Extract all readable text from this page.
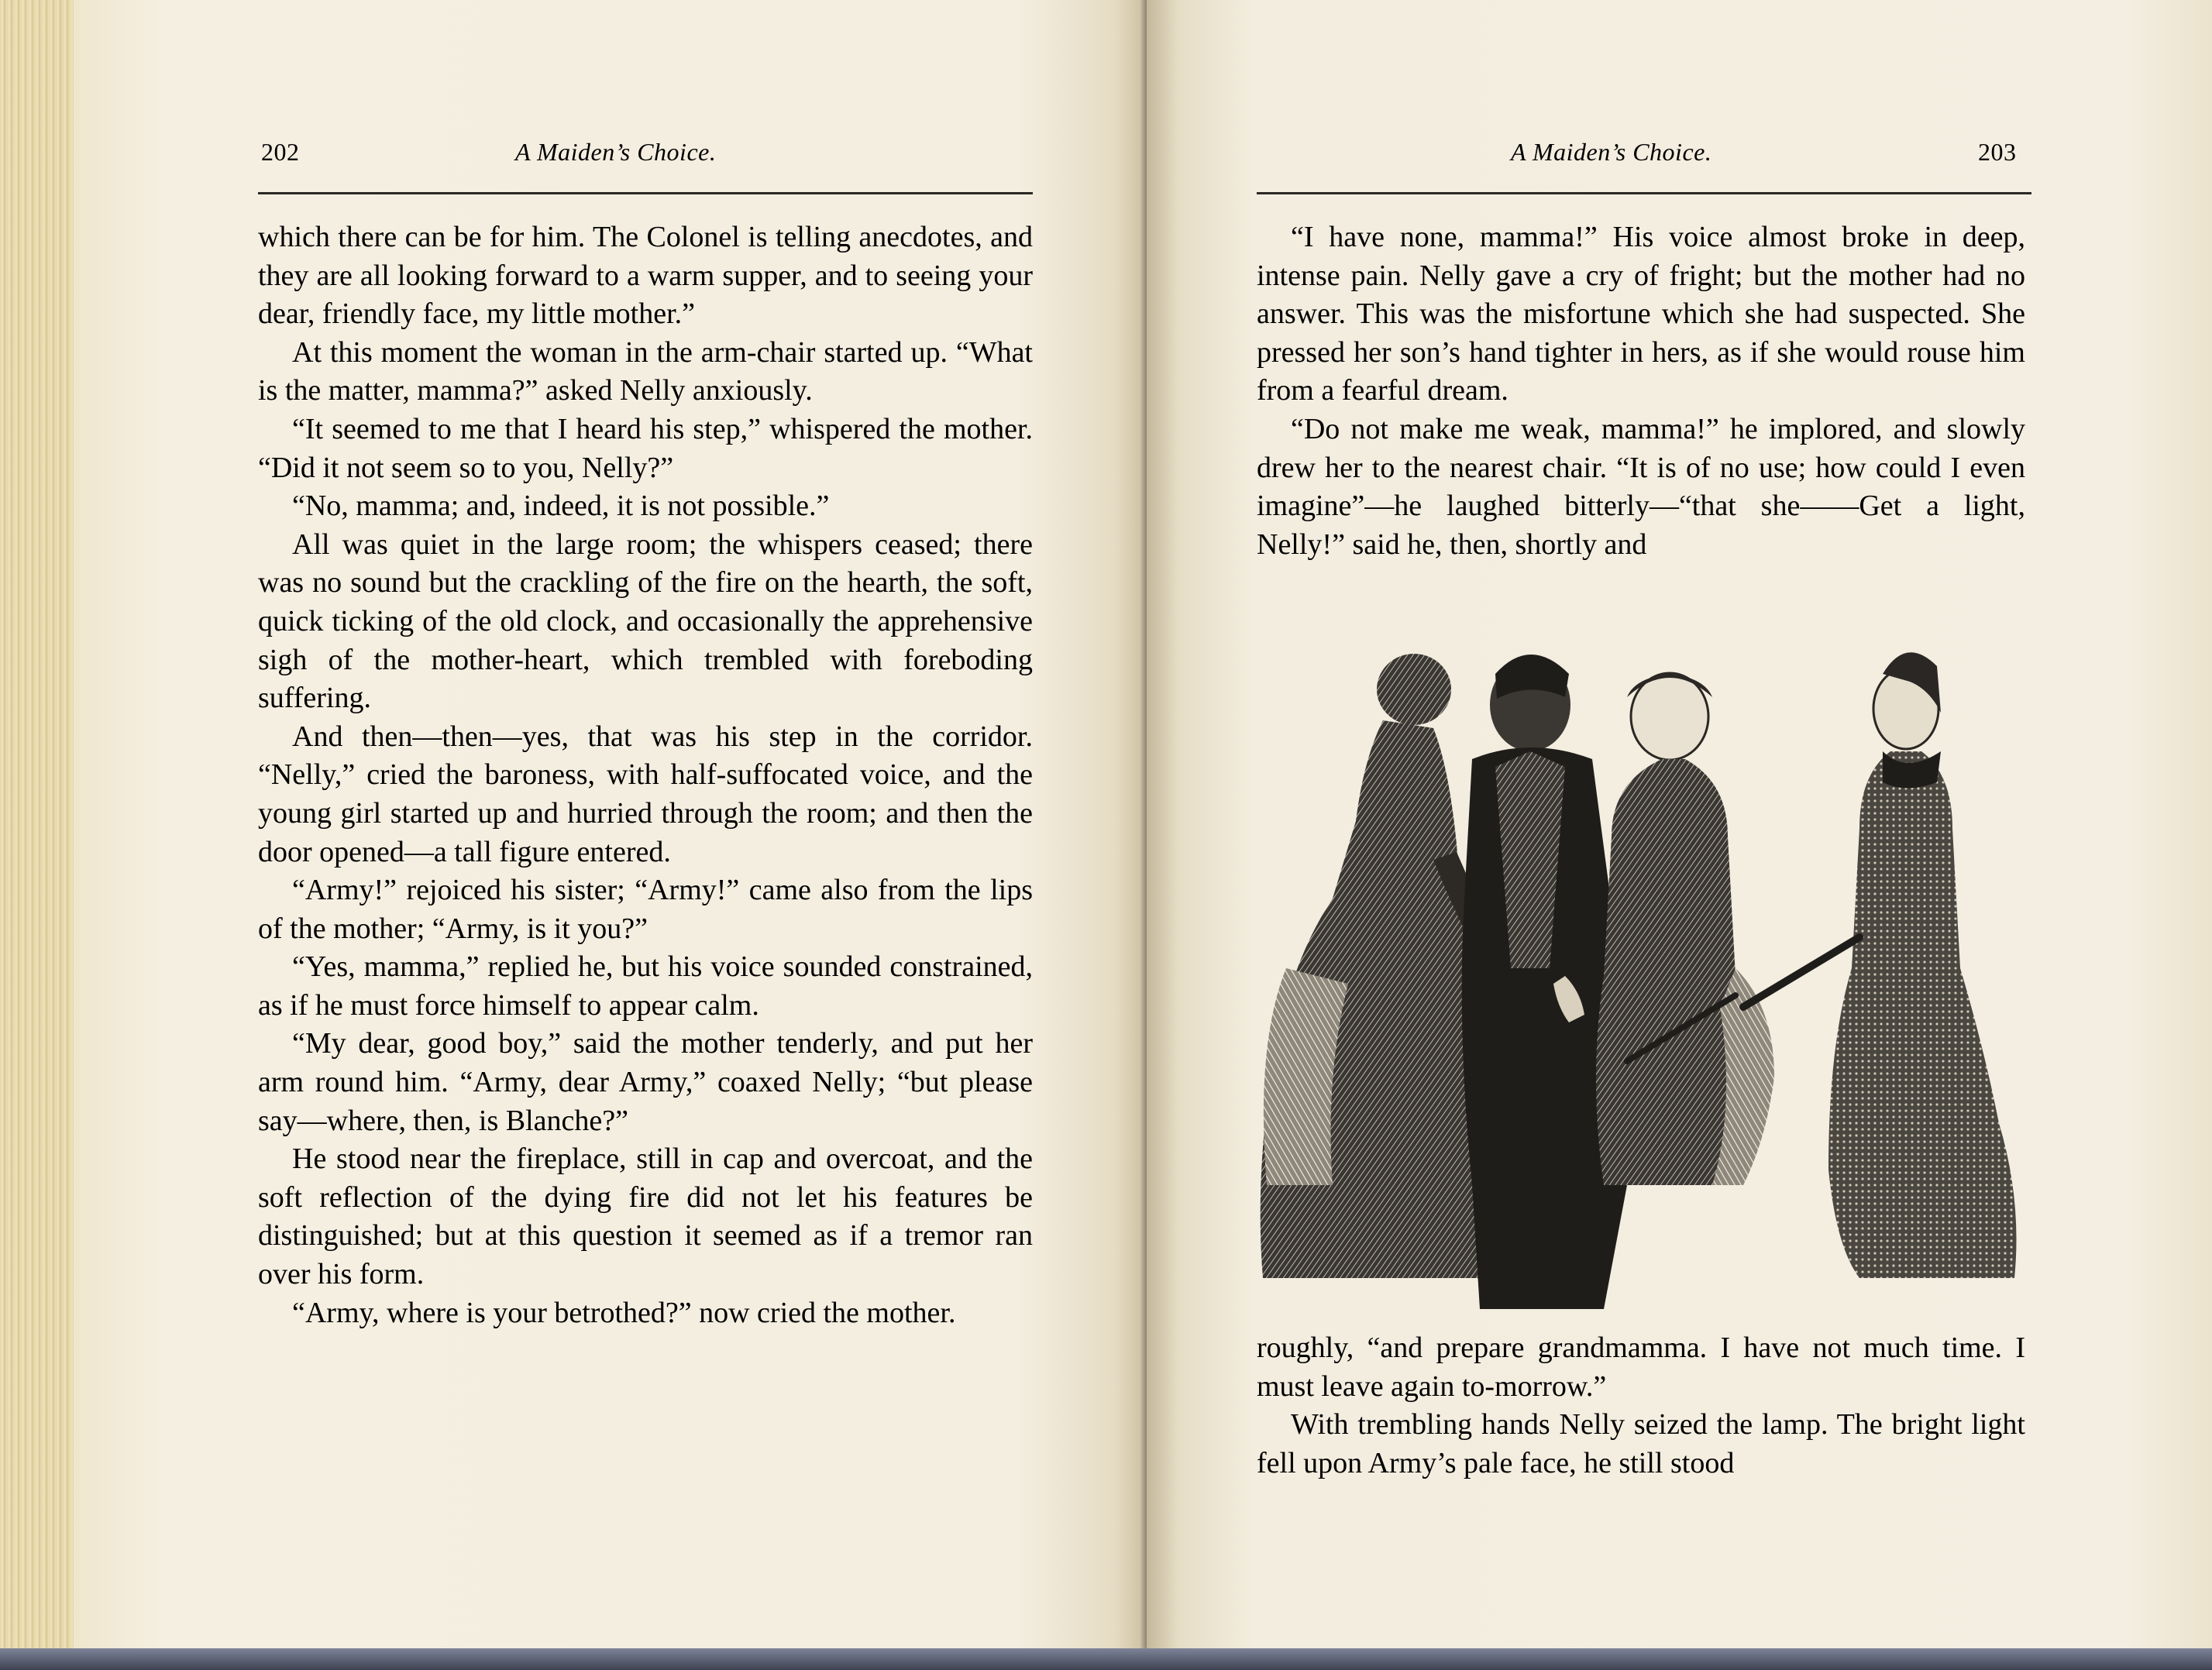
202	A Maiden’s Choice.

which there can be for him. The Colonel is telling anecdotes, and they are all looking forward to a warm supper, and to seeing your dear, friendly face, my little mother.”

At this moment the woman in the arm-chair started up. “What is the matter, mamma?” asked Nelly anxiously.

“It seemed to me that I heard his step,” whispered the mother. “Did it not seem so to you, Nelly?”

“No, mamma; and, indeed, it is not possible.”

All was quiet in the large room; the whispers ceased; there was no sound but the crackling of the fire on the hearth, the soft, quick ticking of the old clock, and occasionally the apprehensive sigh of the mother-heart, which trembled with foreboding suffering.

And then—then—yes, that was his step in the corridor. “Nelly,” cried the baroness, with half-suffocated voice, and the young girl started up and hurried through the room; and then the door opened—a tall figure entered.

“Army!” rejoiced his sister; “Army!” came also from the lips of the mother; “Army, is it you?”

“Yes, mamma,” replied he, but his voice sounded constrained, as if he must force himself to appear calm.

“My dear, good boy,” said the mother tenderly, and put her arm round him. “Army, dear Army,” coaxed Nelly; “but please say—where, then, is Blanche?”

He stood near the fireplace, still in cap and overcoat, and the soft reflection of the dying fire did not let his features be distinguished; but at this question it seemed as if a tremor ran over his form.

“Army, where is your betrothed?” now cried the mother.

A Maiden’s Choice.	203

“I have none, mamma!” His voice almost broke in deep, intense pain. Nelly gave a cry of fright; but the mother had no answer. This was the misfortune which she had suspected. She pressed her son’s hand tighter in hers, as if she would rouse him from a fearful dream.

“Do not make me weak, mamma!” he implored, and slowly drew her to the nearest chair. “It is of no use; how could I even imagine”—he laughed bitterly—“that she——Get a light, Nelly!” said he, then, shortly and

roughly, “and prepare grandmamma. I have not much time. I must leave again to-morrow.”

With trembling hands Nelly seized the lamp. The bright light fell upon Army’s pale face, he still stood
